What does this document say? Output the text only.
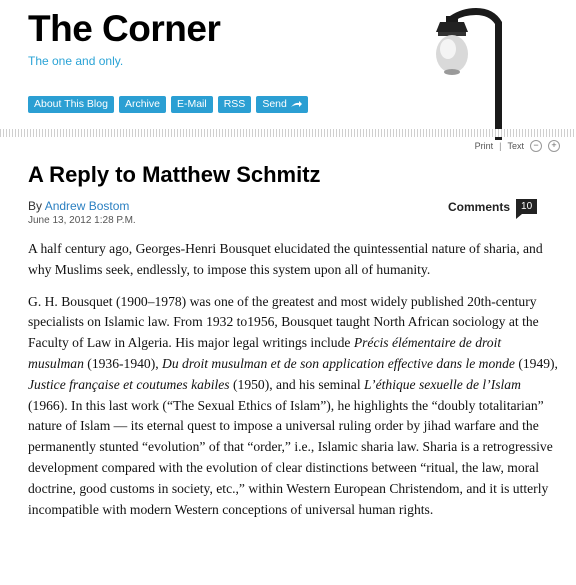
The Corner
The one and only.
About This Blog Archive E-Mail RSS Send
Print | Text	−	+
A Reply to Matthew Schmitz
By Andrew Bostom
June 13, 2012 1:28 P.M.
Comments	10

A half century ago, Georges-Henri Bousquet elucidated the quintessential nature of sharia, and why Muslims seek, endlessly, to impose this system upon all of humanity.

G. H. Bousquet (1900–1978) was one of the greatest and most widely published 20th-century specialists on Islamic law. From 1932 to1956, Bousquet taught North African sociology at the Faculty of Law in Algeria. His major legal writings include Précis élémentaire de droit musulman (1936-1940), Du droit musulman et de son application effective dans le monde (1949), Justice française et coutumes kabiles (1950), and his seminal L’éthique sexuelle de l’Islam (1966). In this last work (“The Sexual Ethics of Islam”), he highlights the “doubly totalitarian” nature of Islam — its eternal quest to impose a universal ruling order by jihad warfare and the permanently stunted “evolution” of that “order,” i.e., Islamic sharia law. Sharia is a retrogressive development compared with the evolution of clear distinctions between “ritual, the law, moral doctrine, good customs in society, etc.,” within Western European Christendom, and it is utterly incompatible with modern Western conceptions of universal human rights.
